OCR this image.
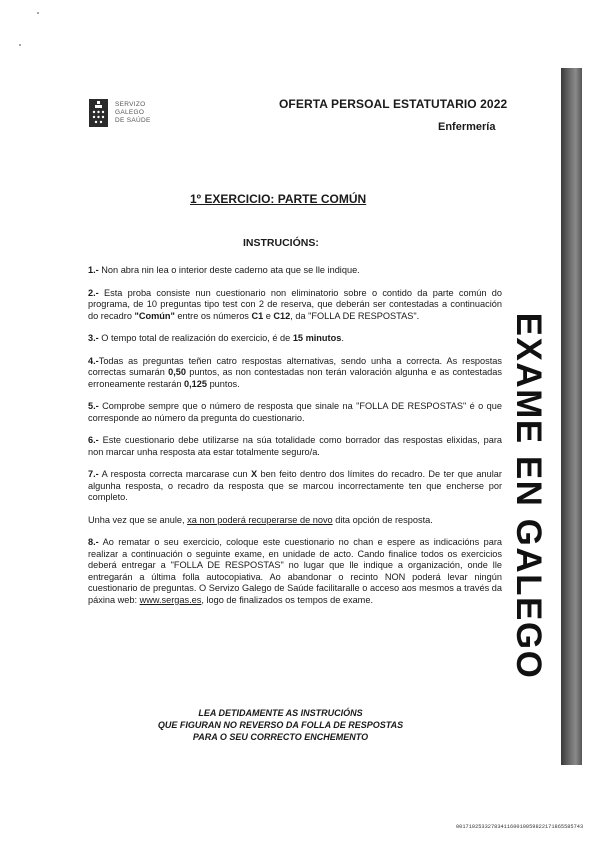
SERVIZO
GALEGO
DE SAÚDE
OFERTA PERSOAL ESTATUTARIO 2022
Enfermería
1º EXERCICIO: PARTE COMÚN
INSTRUCIÓNS:

1.- Non abra nin lea o interior deste caderno ata que se lle indique.

2.- Esta proba consiste nun cuestionario non eliminatorio sobre o contido da parte común do programa, de 10 preguntas tipo test con 2 de reserva, que deberán ser contestadas a continuación do recadro "Común" entre os números C1 e C12, da "FOLLA DE RESPOSTAS".

3.- O tempo total de realización do exercicio, é de 15 minutos.

4.-Todas as preguntas teñen catro respostas alternativas, sendo unha a correcta. As respostas correctas sumarán 0,50 puntos, as non contestadas non terán valoración algunha e as contestadas erroneamente restarán 0,125 puntos.

5.- Comprobe sempre que o número de resposta que sinale na "FOLLA DE RESPOSTAS" é o que corresponde ao número da pregunta do cuestionario.

6.- Este cuestionario debe utilizarse na súa totalidade como borrador das respostas elixidas, para non marcar unha resposta ata estar totalmente seguro/a.

7.- A resposta correcta marcarase cun X ben feito dentro dos límites do recadro. De ter que anular algunha resposta, o recadro da resposta que se marcou incorrectamente ten que encherse por completo.

Unha vez que se anule, xa non poderá recuperarse de novo dita opción de resposta.

8.- Ao rematar o seu exercicio, coloque este cuestionario no chan e espere as indicacións para realizar a continuación o seguinte exame, en unidade de acto. Cando finalice todos os exercicios deberá entregar a "FOLLA DE RESPOSTAS" no lugar que lle indique a organización, onde lle entregarán a última folla autocopiativa. Ao abandonar o recinto NON poderá levar ningún cuestionario de preguntas. O Servizo Galego de Saúde facilitaralle o acceso aos mesmos a través da páxina web: www.sergas.es, logo de finalizados os tempos de exame.

LEA DETIDAMENTE AS INSTRUCIÓNS
QUE FIGURAN NO REVERSO DA FOLLA DE RESPOSTAS
PARA O SEU CORRECTO ENCHEMENTO
EXAME EN GALEGO
0017102533278341160010059822171865585743
